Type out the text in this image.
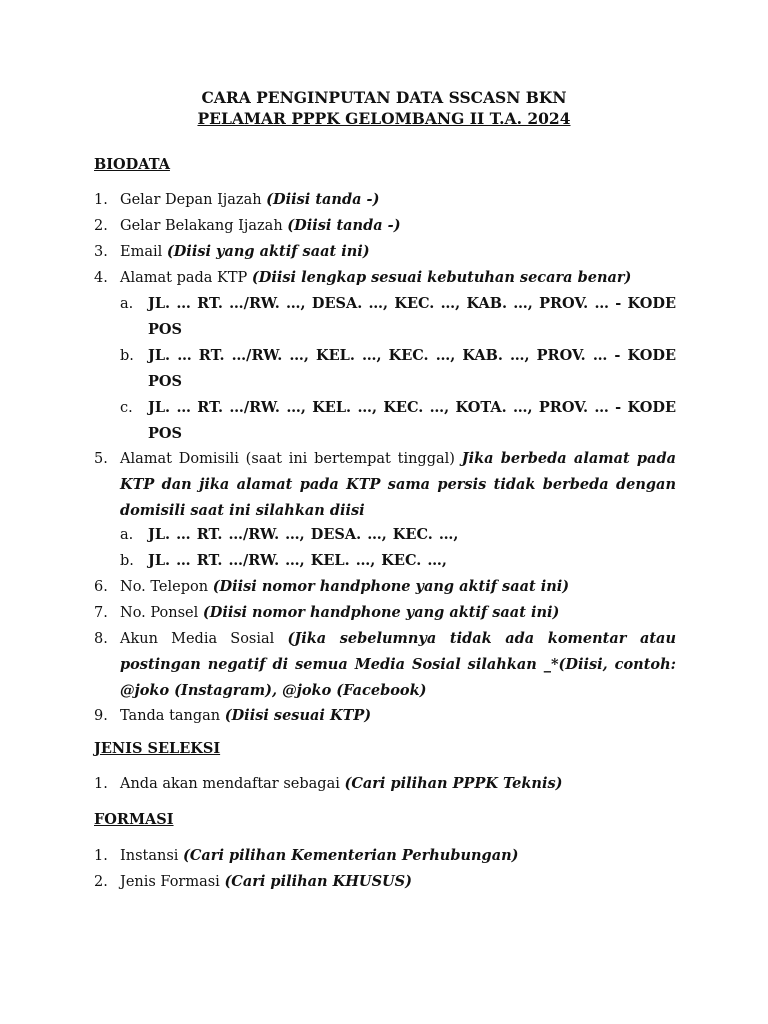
CARA PENGINPUTAN DATA SSCASN BKN
PELAMAR PPPK GELOMBANG II T.A. 2024
BIODATA
1. Gelar Depan Ijazah (Diisi tanda -)
2. Gelar Belakang Ijazah (Diisi tanda -)
3. Email (Diisi yang aktif saat ini)
4. Alamat pada KTP (Diisi lengkap sesuai kebutuhan secara benar)
a. JL. … RT. …/RW. …, DESA. …, KEC. …, KAB. …, PROV. … - KODE POS
b. JL. … RT. …/RW. …, KEL. …, KEC. …, KAB. …, PROV. … - KODE POS
c. JL. … RT. …/RW. …, KEL. …, KEC. …, KOTA. …, PROV. … - KODE POS
5. Alamat Domisili (saat ini bertempat tinggal) Jika berbeda alamat pada KTP dan jika alamat pada KTP sama persis tidak berbeda dengan domisili saat ini silahkan diisi
a. JL. … RT. …/RW. …, DESA. …, KEC. …,
b. JL. … RT. …/RW. …, KEL. …, KEC. …,
6. No. Telepon (Diisi nomor handphone yang aktif saat ini)
7. No. Ponsel (Diisi nomor handphone yang aktif saat ini)
8. Akun Media Sosial (Jika sebelumnya tidak ada komentar atau postingan negatif di semua Media Sosial silahkan _*(Diisi, contoh: @joko (Instagram), @joko (Facebook)
9. Tanda tangan (Diisi sesuai KTP)
JENIS SELEKSI
1. Anda akan mendaftar sebagai (Cari pilihan PPPK Teknis)
FORMASI
1. Instansi (Cari pilihan Kementerian Perhubungan)
2. Jenis Formasi (Cari pilihan KHUSUS)
